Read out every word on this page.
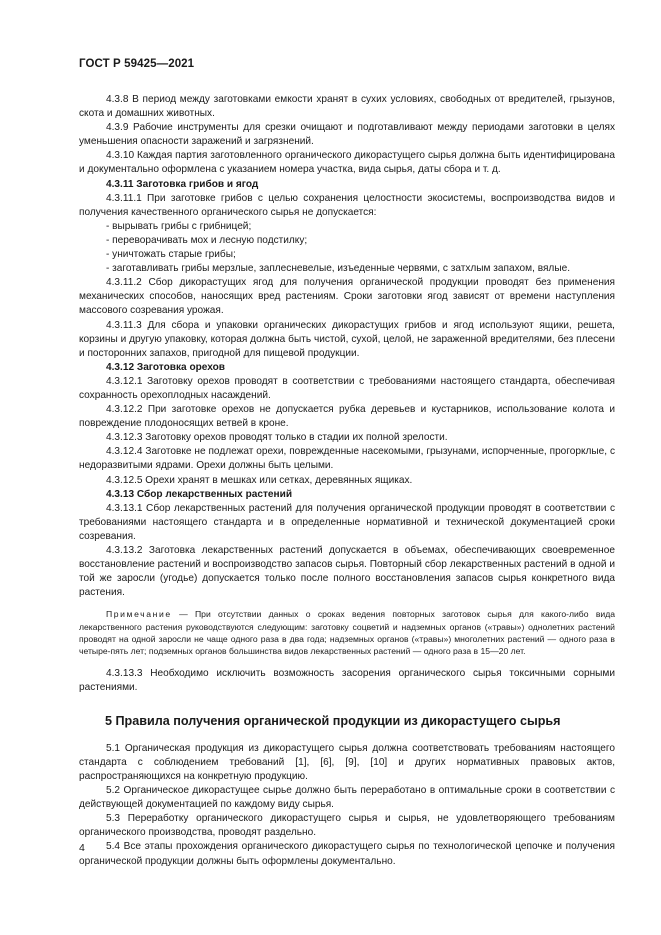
ГОСТ Р 59425—2021

4.3.8 В период между заготовками емкости хранят в сухих условиях, свободных от вредителей, грызунов, скота и домашних животных.

4.3.9 Рабочие инструменты для срезки очищают и подготавливают между периодами заготовки в целях уменьшения опасности заражений и загрязнений.

4.3.10 Каждая партия заготовленного органического дикорастущего сырья должна быть идентифицирована и документально оформлена с указанием номера участка, вида сырья, даты сбора и т. д.

4.3.11 Заготовка грибов и ягод

4.3.11.1 При заготовке грибов с целью сохранения целостности экосистемы, воспроизводства видов и получения качественного органического сырья не допускается:

- вырывать грибы с грибницей;

- переворачивать мох и лесную подстилку;

- уничтожать старые грибы;

- заготавливать грибы мерзлые, заплесневелые, изъеденные червями, с затхлым запахом, вялые.

4.3.11.2 Сбор дикорастущих ягод для получения органической продукции проводят без применения механических способов, наносящих вред растениям. Сроки заготовки ягод зависят от времени наступления массового созревания урожая.

4.3.11.3 Для сбора и упаковки органических дикорастущих грибов и ягод используют ящики, решета, корзины и другую упаковку, которая должна быть чистой, сухой, целой, не зараженной вредителями, без плесени и посторонних запахов, пригодной для пищевой продукции.

4.3.12 Заготовка орехов

4.3.12.1 Заготовку орехов проводят в соответствии с требованиями настоящего стандарта, обеспечивая сохранность орехоплодных насаждений.

4.3.12.2 При заготовке орехов не допускается рубка деревьев и кустарников, использование колота и повреждение плодоносящих ветвей в кроне.

4.3.12.3 Заготовку орехов проводят только в стадии их полной зрелости.

4.3.12.4 Заготовке не подлежат орехи, поврежденные насекомыми, грызунами, испорченные, прогорклые, с недоразвитыми ядрами. Орехи должны быть целыми.

4.3.12.5 Орехи хранят в мешках или сетках, деревянных ящиках.

4.3.13 Сбор лекарственных растений

4.3.13.1 Сбор лекарственных растений для получения органической продукции проводят в соответствии с требованиями настоящего стандарта и в определенные нормативной и технической документацией сроки созревания.

4.3.13.2 Заготовка лекарственных растений допускается в объемах, обеспечивающих своевременное восстановление растений и воспроизводство запасов сырья. Повторный сбор лекарственных растений в одной и той же заросли (угодье) допускается только после полного восстановления запасов сырья конкретного вида растения.

Примечание — При отсутствии данных о сроках ведения повторных заготовок сырья для какого-либо вида лекарственного растения руководствуются следующим: заготовку соцветий и надземных органов («травы») однолетних растений проводят на одной заросли не чаще одного раза в два года; надземных органов («травы») многолетних растений — одного раза в четыре-пять лет; подземных органов большинства видов лекарственных растений — одного раза в 15—20 лет.

4.3.13.3 Необходимо исключить возможность засорения органического сырья токсичными сорными растениями.

5 Правила получения органической продукции из дикорастущего сырья

5.1 Органическая продукция из дикорастущего сырья должна соответствовать требованиям настоящего стандарта с соблюдением требований [1], [6], [9], [10] и других нормативных правовых актов, распространяющихся на конкретную продукцию.

5.2 Органическое дикорастущее сырье должно быть переработано в оптимальные сроки в соответствии с действующей документацией по каждому виду сырья.

5.3 Переработку органического дикорастущего сырья и сырья, не удовлетворяющего требованиям органического производства, проводят раздельно.

5.4 Все этапы прохождения органического дикорастущего сырья по технологической цепочке и получения органической продукции должны быть оформлены документально.

4
